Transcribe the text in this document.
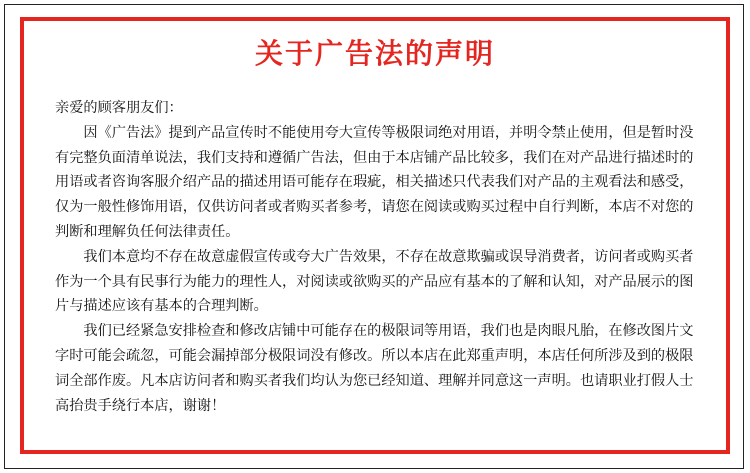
关于广告法的声明

亲爱的顾客朋友们：

因《广告法》提到产品宣传时不能使用夸大宣传等极限词绝对用语，并明令禁止使用，但是暂时没有完整负面清单说法，我们支持和遵循广告法，但由于本店铺产品比较多，我们在对产品进行描述时的用语或者咨询客服介绍产品的描述用语可能存在瑕疵，相关描述只代表我们对产品的主观看法和感受，仅为一般性修饰用语，仅供访问者或者购买者参考，请您在阅读或购买过程中自行判断，本店不对您的判断和理解负任何法律责任。

我们本意均不存在故意虚假宣传或夸大广告效果，不存在故意欺骗或误导消费者，访问者或购买者作为一个具有民事行为能力的理性人，对阅读或欲购买的产品应有基本的了解和认知，对产品展示的图片与描述应该有基本的合理判断。

我们已经紧急安排检查和修改店铺中可能存在的极限词等用语，我们也是肉眼凡胎，在修改图片文字时可能会疏忽，可能会漏掉部分极限词没有修改。所以本店在此郑重声明，本店任何所涉及到的极限词全部作废。凡本店访问者和购买者我们均认为您已经知道、理解并同意这一声明。也请职业打假人士高抬贵手绕行本店，谢谢！
